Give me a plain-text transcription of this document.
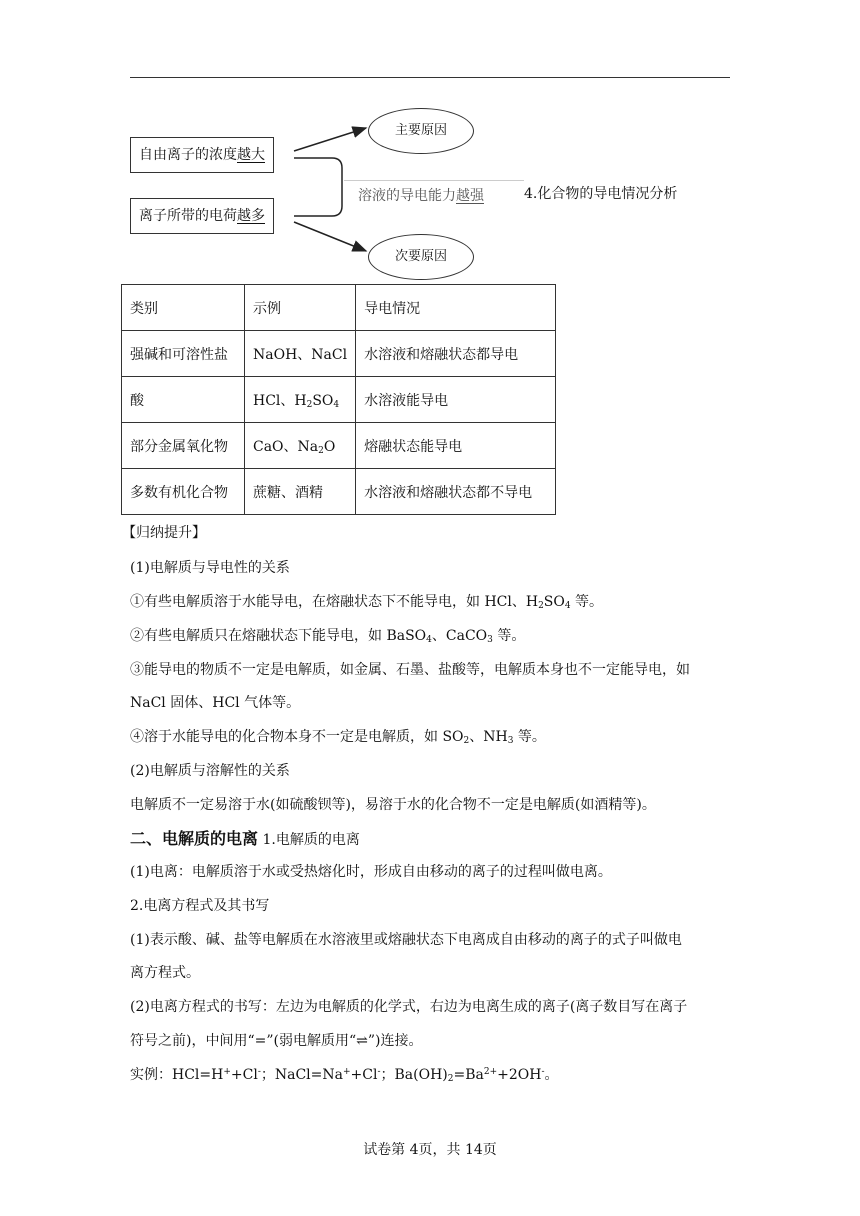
自由离子的浓度越大
离子所带的电荷越多
主要原因
次要原因
溶液的导电能力越强	4.化合物的导电情况分析
类别	示例	导电情况
强碱和可溶性盐	NaOH、NaCl	水溶液和熔融状态都导电
酸	HCl、$H_2SO_4$	水溶液能导电
部分金属氧化物	CaO、$Na_2O$	熔融状态能导电
多数有机化合物	蔗糖、酒精	水溶液和熔融状态都不导电
【归纳提升】
(1)电解质与导电性的关系
①有些电解质溶于水能导电，在熔融状态下不能导电，如 HCl、$H_2SO_4$ 等。
②有些电解质只在熔融状态下能导电，如 BaSO$_4$、CaCO$_3$ 等。
③能导电的物质不一定是电解质，如金属、石墨、盐酸等，电解质本身也不一定能导电，如
NaCl 固体、HCl 气体等。
④溶于水能导电的化合物本身不一定是电解质，如 $SO_2$、$NH_3$ 等。
(2)电解质与溶解性的关系
电解质不一定易溶于水(如硫酸钡等)，易溶于水的化合物不一定是电解质(如酒精等)。
二、电解质的电离 1.电解质的电离
(1)电离：电解质溶于水或受热熔化时，形成自由移动的离子的过程叫做电离。
2.电离方程式及其书写
(1)表示酸、碱、盐等电解质在水溶液里或熔融状态下电离成自由移动的离子的式子叫做电
离方程式。
(2)电离方程式的书写：左边为电解质的化学式，右边为电离生成的离子(离子数目写在离子
符号之前)，中间用“=”(弱电解质用“⇌”)连接。
实例：HCl=H++Cl-；NaCl=Na++Cl-；$Ba(OH)_2=Ba^{2+}+2OH^-$。
试卷第 4页，共 14页
